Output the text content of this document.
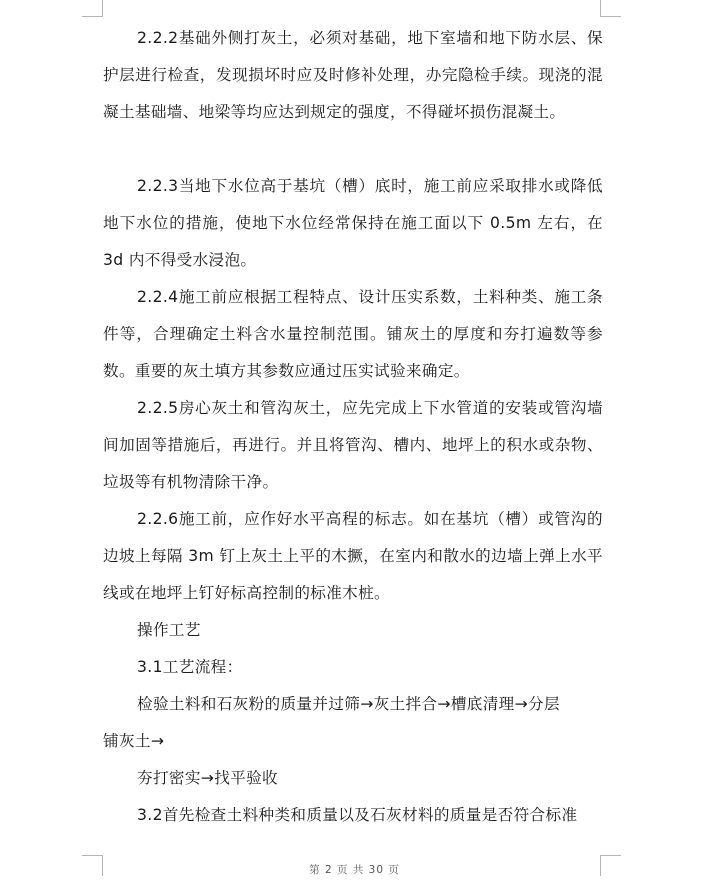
2.2.2基础外侧打灰土，必须对基础，地下室墙和地下防水层、保护层进行检查，发现损坏时应及时修补处理，办完隐检手续。现浇的混凝土基础墙、地梁等均应达到规定的强度，不得碰坏损伤混凝土。

2.2.3当地下水位高于基坑（槽）底时，施工前应采取排水或降低地下水位的措施，使地下水位经常保持在施工面以下 0.5m 左右，在 3d 内不得受水浸泡。

2.2.4施工前应根据工程特点、设计压实系数，土料种类、施工条件等，合理确定土料含水量控制范围。铺灰土的厚度和夯打遍数等参数。重要的灰土填方其参数应通过压实试验来确定。

2.2.5房心灰土和管沟灰土，应先完成上下水管道的安装或管沟墙间加固等措施后，再进行。并且将管沟、槽内、地坪上的积水或杂物、垃圾等有机物清除干净。

2.2.6施工前，应作好水平高程的标志。如在基坑（槽）或管沟的边坡上每隔 3m 钉上灰土上平的木撅，在室内和散水的边墙上弹上水平线或在地坪上钉好标高控制的标准木桩。

操作工艺

3.1工艺流程：

检验土料和石灰粉的质量并过筛→灰土拌合→槽底清理→分层
铺灰土→

夯打密实→找平验收

3.2首先检查土料种类和质量以及石灰材料的质量是否符合标准

第 2 页 共 30 页
